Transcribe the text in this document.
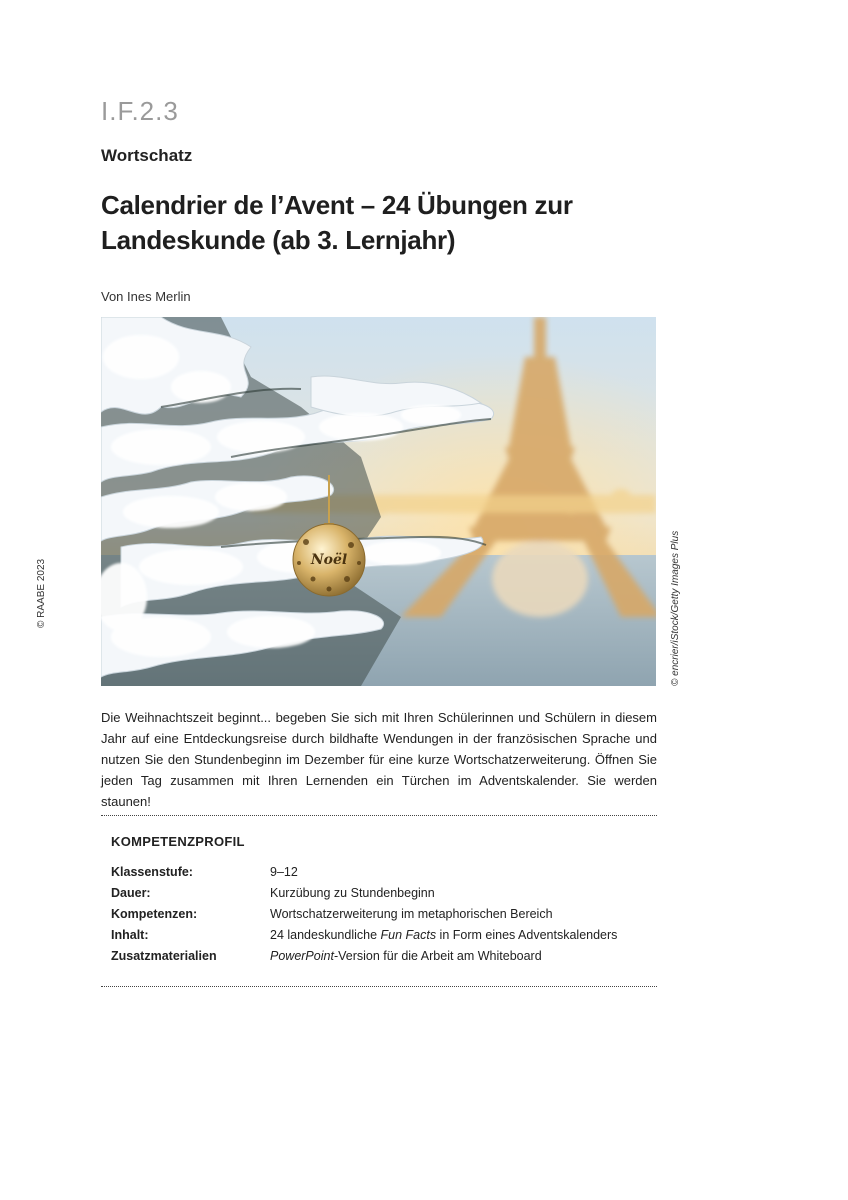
I.F.2.3
Wortschatz
Calendrier de l’Avent – 24 Übungen zur Landeskunde (ab 3. Lernjahr)
Von Ines Merlin
Noël	© encrier/iStock/Getty Images Plus
© RAABE 2023
Die Weihnachtszeit beginnt... begeben Sie sich mit Ihren Schülerinnen und Schülern in diesem Jahr auf eine Entdeckungsreise durch bildhafte Wendungen in der französischen Sprache und nutzen Sie den Stundenbeginn im Dezember für eine kurze Wortschatzerweiterung. Öffnen Sie jeden Tag zusammen mit Ihren Lernenden ein Türchen im Adventskalender. Sie werden staunen!
KOMPETENZPROFIL
Klassenstufe:	9–12
Dauer:	Kurzübung zu Stundenbeginn
Kompetenzen:	Wortschatzerweiterung im metaphorischen Bereich
Inhalt:	24 landeskundliche Fun Facts in Form eines Adventskalenders
Zusatzmaterialien	PowerPoint-Version für die Arbeit am Whiteboard
